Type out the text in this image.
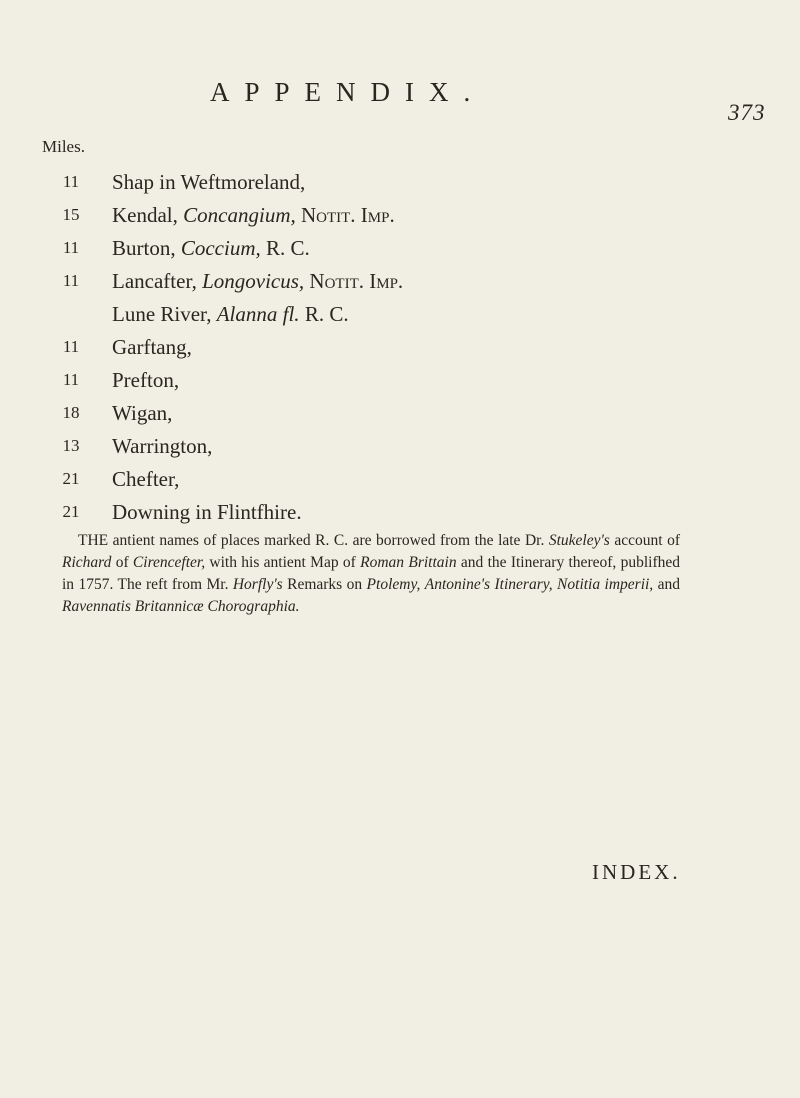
APPENDIX.
373
Miles.
11	Shap in Weftmoreland,
15	Kendal, Concangium, Notit. Imp.
11	Burton, Coccium, R. C.
11	Lancafter, Longovicus, Notit. Imp.
Lune River, Alanna fl. R. C.
11	Garftang,
11	Prefton,
18	Wigan,
13	Warrington,
21	Chefter,
21	Downing in Flintfhire.

THE antient names of places marked R. C. are borrowed from the late Dr. Stukeley's account of Richard of Cirencefter, with his antient Map of Roman Brittain and the Itinerary thereof, publifhed in 1757. The reft from Mr. Horfly's Remarks on Ptolemy, Antonine's Itinerary, Notitia imperii, and Ravennatis Britannicæ Chorographia.

INDEX.
